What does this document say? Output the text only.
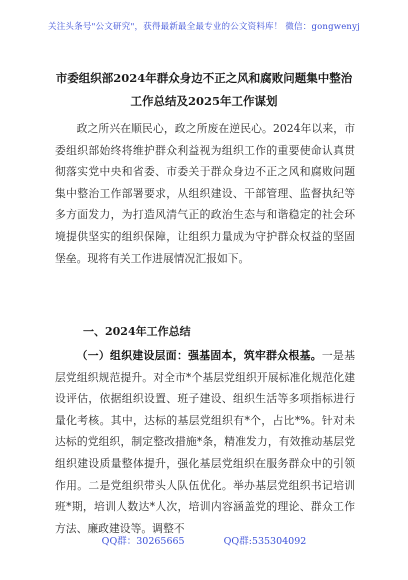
关注头条号"公文研究"，获得最新最全最专业的公文资料库！ 微信：gongwenyj
市委组织部2024年群众身边不正之风和腐败问题集中整治
工作总结及2025年工作谋划
政之所兴在顺民心，政之所废在逆民心。2024年以来，市委组织部始终将维护群众利益视为组织工作的重要使命认真贯彻落实党中央和省委、市委关于群众身边不正之风和腐败问题集中整治工作部署要求，从组织建设、干部管理、监督执纪等多方面发力，为打造风清气正的政治生态与和谐稳定的社会环境提供坚实的组织保障，让组织力量成为守护群众权益的坚固堡垒。现将有关工作进展情况汇报如下。
一、2024年工作总结
（一）组织建设层面：强基固本，筑牢群众根基。一是基层党组织规范提升。对全市*个基层党组织开展标准化规范化建设评估，依据组织设置、班子建设、组织生活等多项指标进行量化考核。其中，达标的基层党组织有*个，占比*%。针对未达标的党组织，制定整改措施*条，精准发力，有效推动基层党组织建设质量整体提升，强化基层党组织在服务群众中的引领作用。二是党组织带头人队伍优化。举办基层党组织书记培训班*期，培训人数达*人次，培训内容涵盖党的理论、群众工作方法、廉政建设等。调整不
QQ群：30265665	QQ群:535304092
